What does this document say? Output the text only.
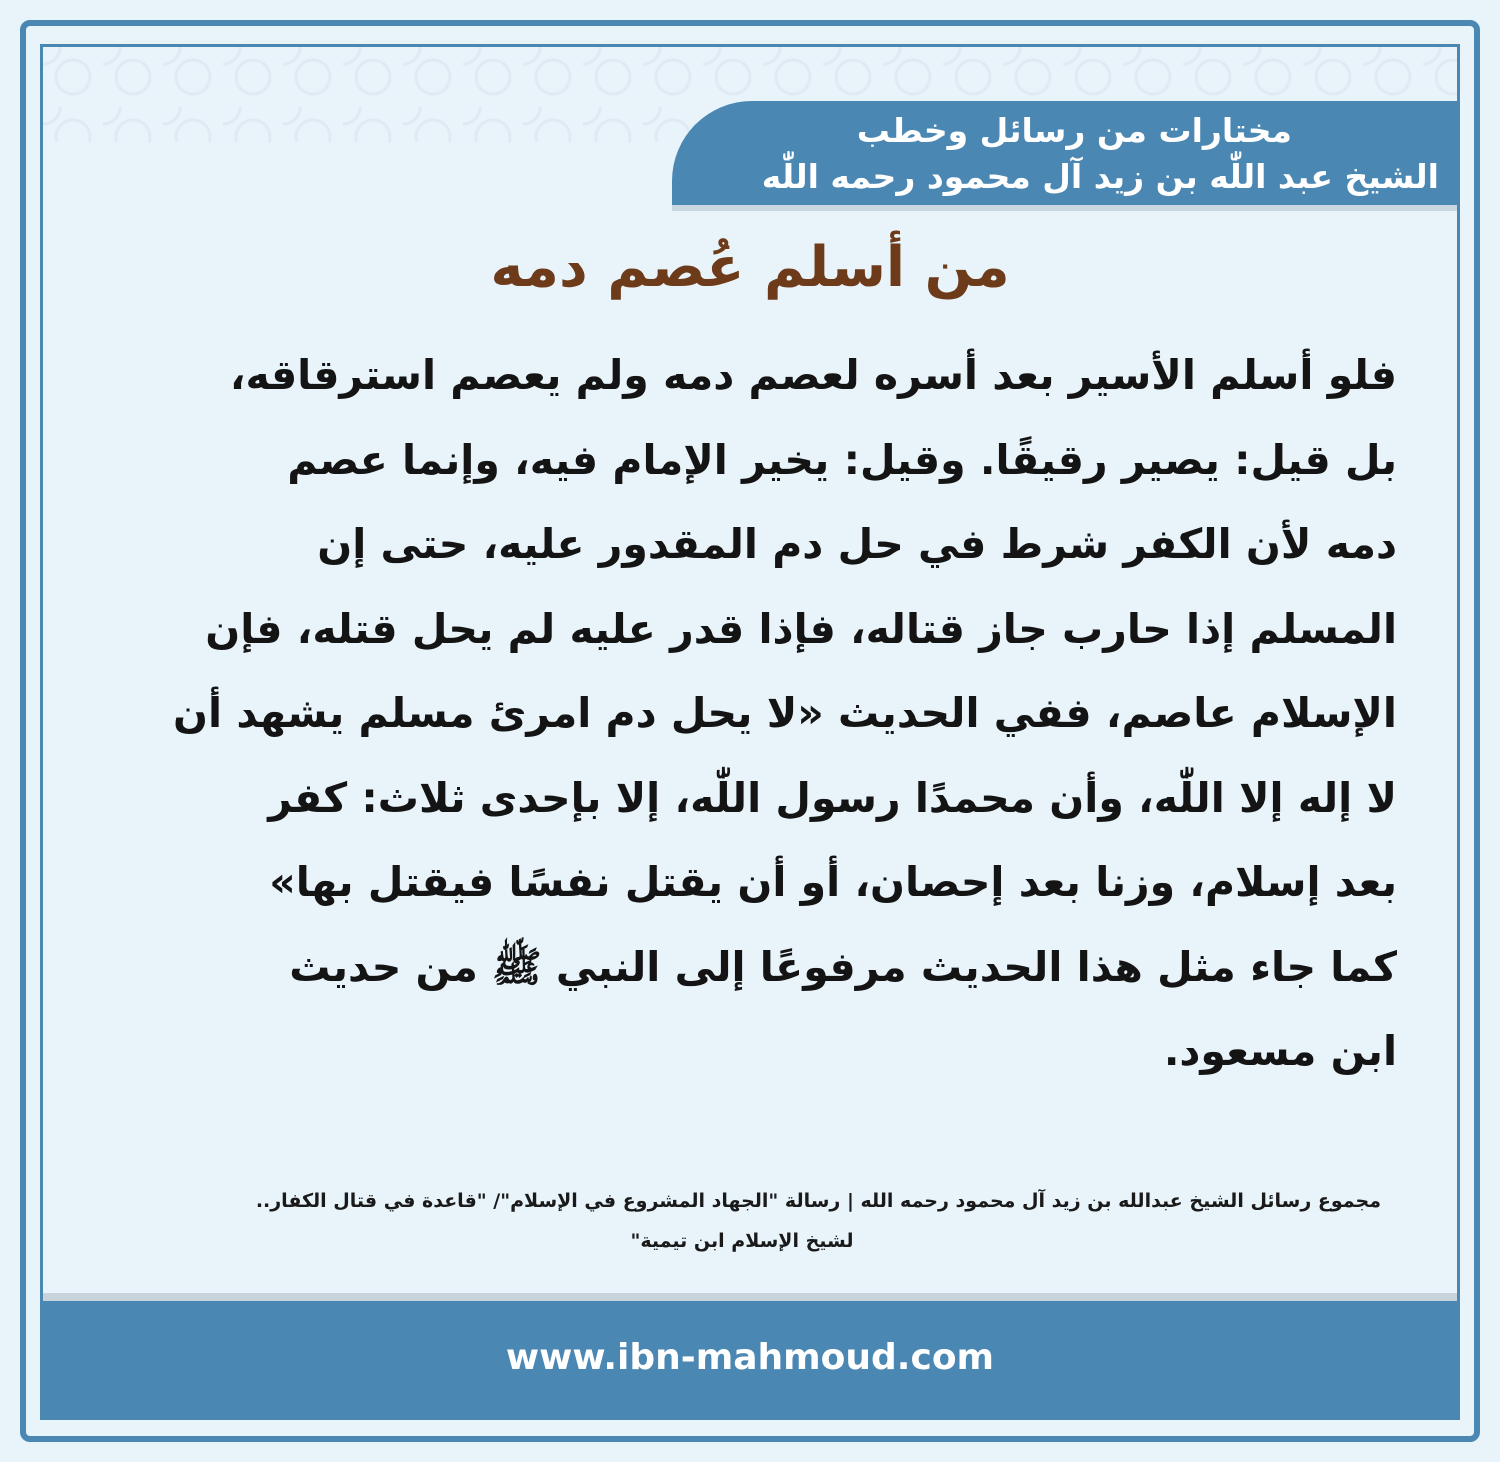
مختارات من رسائل وخطب
الشيخ عبد اللّٰه بن زيد آل محمود رحمه اللّٰه
من أسلم عُصم دمه
فلو أسلم الأسير بعد أسره لعصم دمه ولم يعصم استرقاقه،
بل قيل: يصير رقيقًا. وقيل: يخير الإمام فيه، وإنما عصم
دمه لأن الكفر شرط في حل دم المقدور عليه، حتى إن
المسلم إذا حارب جاز قتاله، فإذا قدر عليه لم يحل قتله، فإن
الإسلام عاصم، ففي الحديث «لا يحل دم امرئ مسلم يشهد أن
لا إله إلا اللّٰه، وأن محمدًا رسول اللّٰه، إلا بإحدى ثلاث: كفر
بعد إسلام، وزنا بعد إحصان، أو أن يقتل نفسًا فيقتل بها»
كما جاء مثل هذا الحديث مرفوعًا إلى النبي ﷺ من حديث
ابن مسعود.
مجموع رسائل الشيخ عبدالله بن زيد آل محمود رحمه الله | رسالة "الجهاد المشروع في الإسلام"/ "قاعدة في قتال الكفار..
لشيخ الإسلام ابن تيمية"
www.ibn-mahmoud.com
